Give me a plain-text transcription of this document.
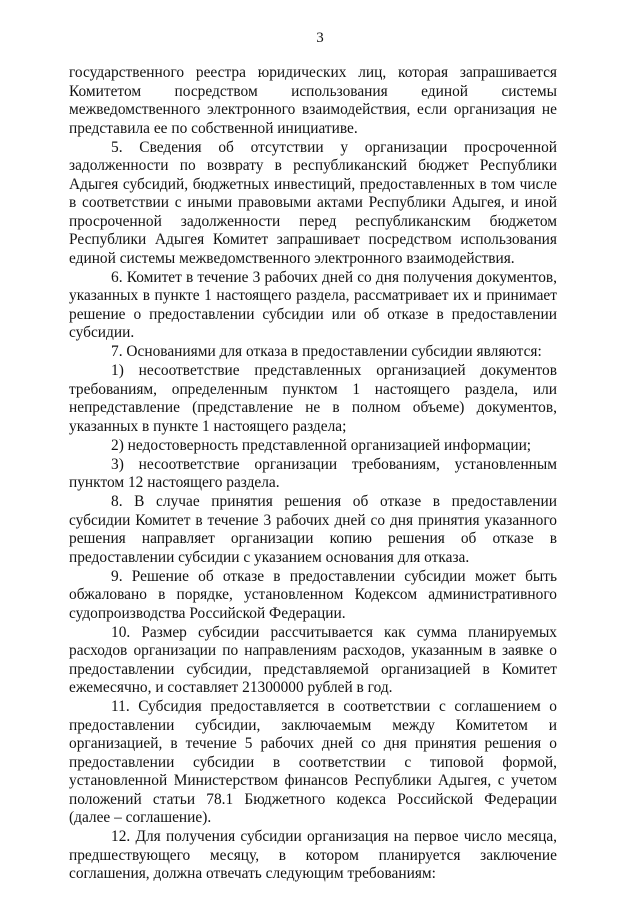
3

государственного реестра юридических лиц, которая запрашивается Комитетом посредством использования единой системы межведомственного электронного взаимодействия, если организация не представила ее по собственной инициативе.

5. Сведения об отсутствии у организации просроченной задолженности по возврату в республиканский бюджет Республики Адыгея субсидий, бюджетных инвестиций, предоставленных в том числе в соответствии с иными правовыми актами Республики Адыгея, и иной просроченной задолженности перед республиканским бюджетом Республики Адыгея Комитет запрашивает посредством использования единой системы межведомственного электронного взаимодействия.

6. Комитет в течение 3 рабочих дней со дня получения документов, указанных в пункте 1 настоящего раздела, рассматривает их и принимает решение о предоставлении субсидии или об отказе в предоставлении субсидии.

7. Основаниями для отказа в предоставлении субсидии являются:

1) несоответствие представленных организацией документов требованиям, определенным пунктом 1 настоящего раздела, или непредставление (представление не в полном объеме) документов, указанных в пункте 1 настоящего раздела;

2) недостоверность представленной организацией информации;

3) несоответствие организации требованиям, установленным пунктом 12 настоящего раздела.

8. В случае принятия решения об отказе в предоставлении субсидии Комитет в течение 3 рабочих дней со дня принятия указанного решения направляет организации копию решения об отказе в предоставлении субсидии с указанием основания для отказа.

9. Решение об отказе в предоставлении субсидии может быть обжаловано в порядке, установленном Кодексом административного судопроизводства Российской Федерации.

10. Размер субсидии рассчитывается как сумма планируемых расходов организации по направлениям расходов, указанным в заявке о предоставлении субсидии, представляемой организацией в Комитет ежемесячно, и составляет 21300000 рублей в год.

11. Субсидия предоставляется в соответствии с соглашением о предоставлении субсидии, заключаемым между Комитетом и организацией, в течение 5 рабочих дней со дня принятия решения о предоставлении субсидии в соответствии с типовой формой, установленной Министерством финансов Республики Адыгея, с учетом положений статьи 78.1 Бюджетного кодекса Российской Федерации (далее – соглашение).

12. Для получения субсидии организация на первое число месяца, предшествующего месяцу, в котором планируется заключение соглашения, должна отвечать следующим требованиям:
